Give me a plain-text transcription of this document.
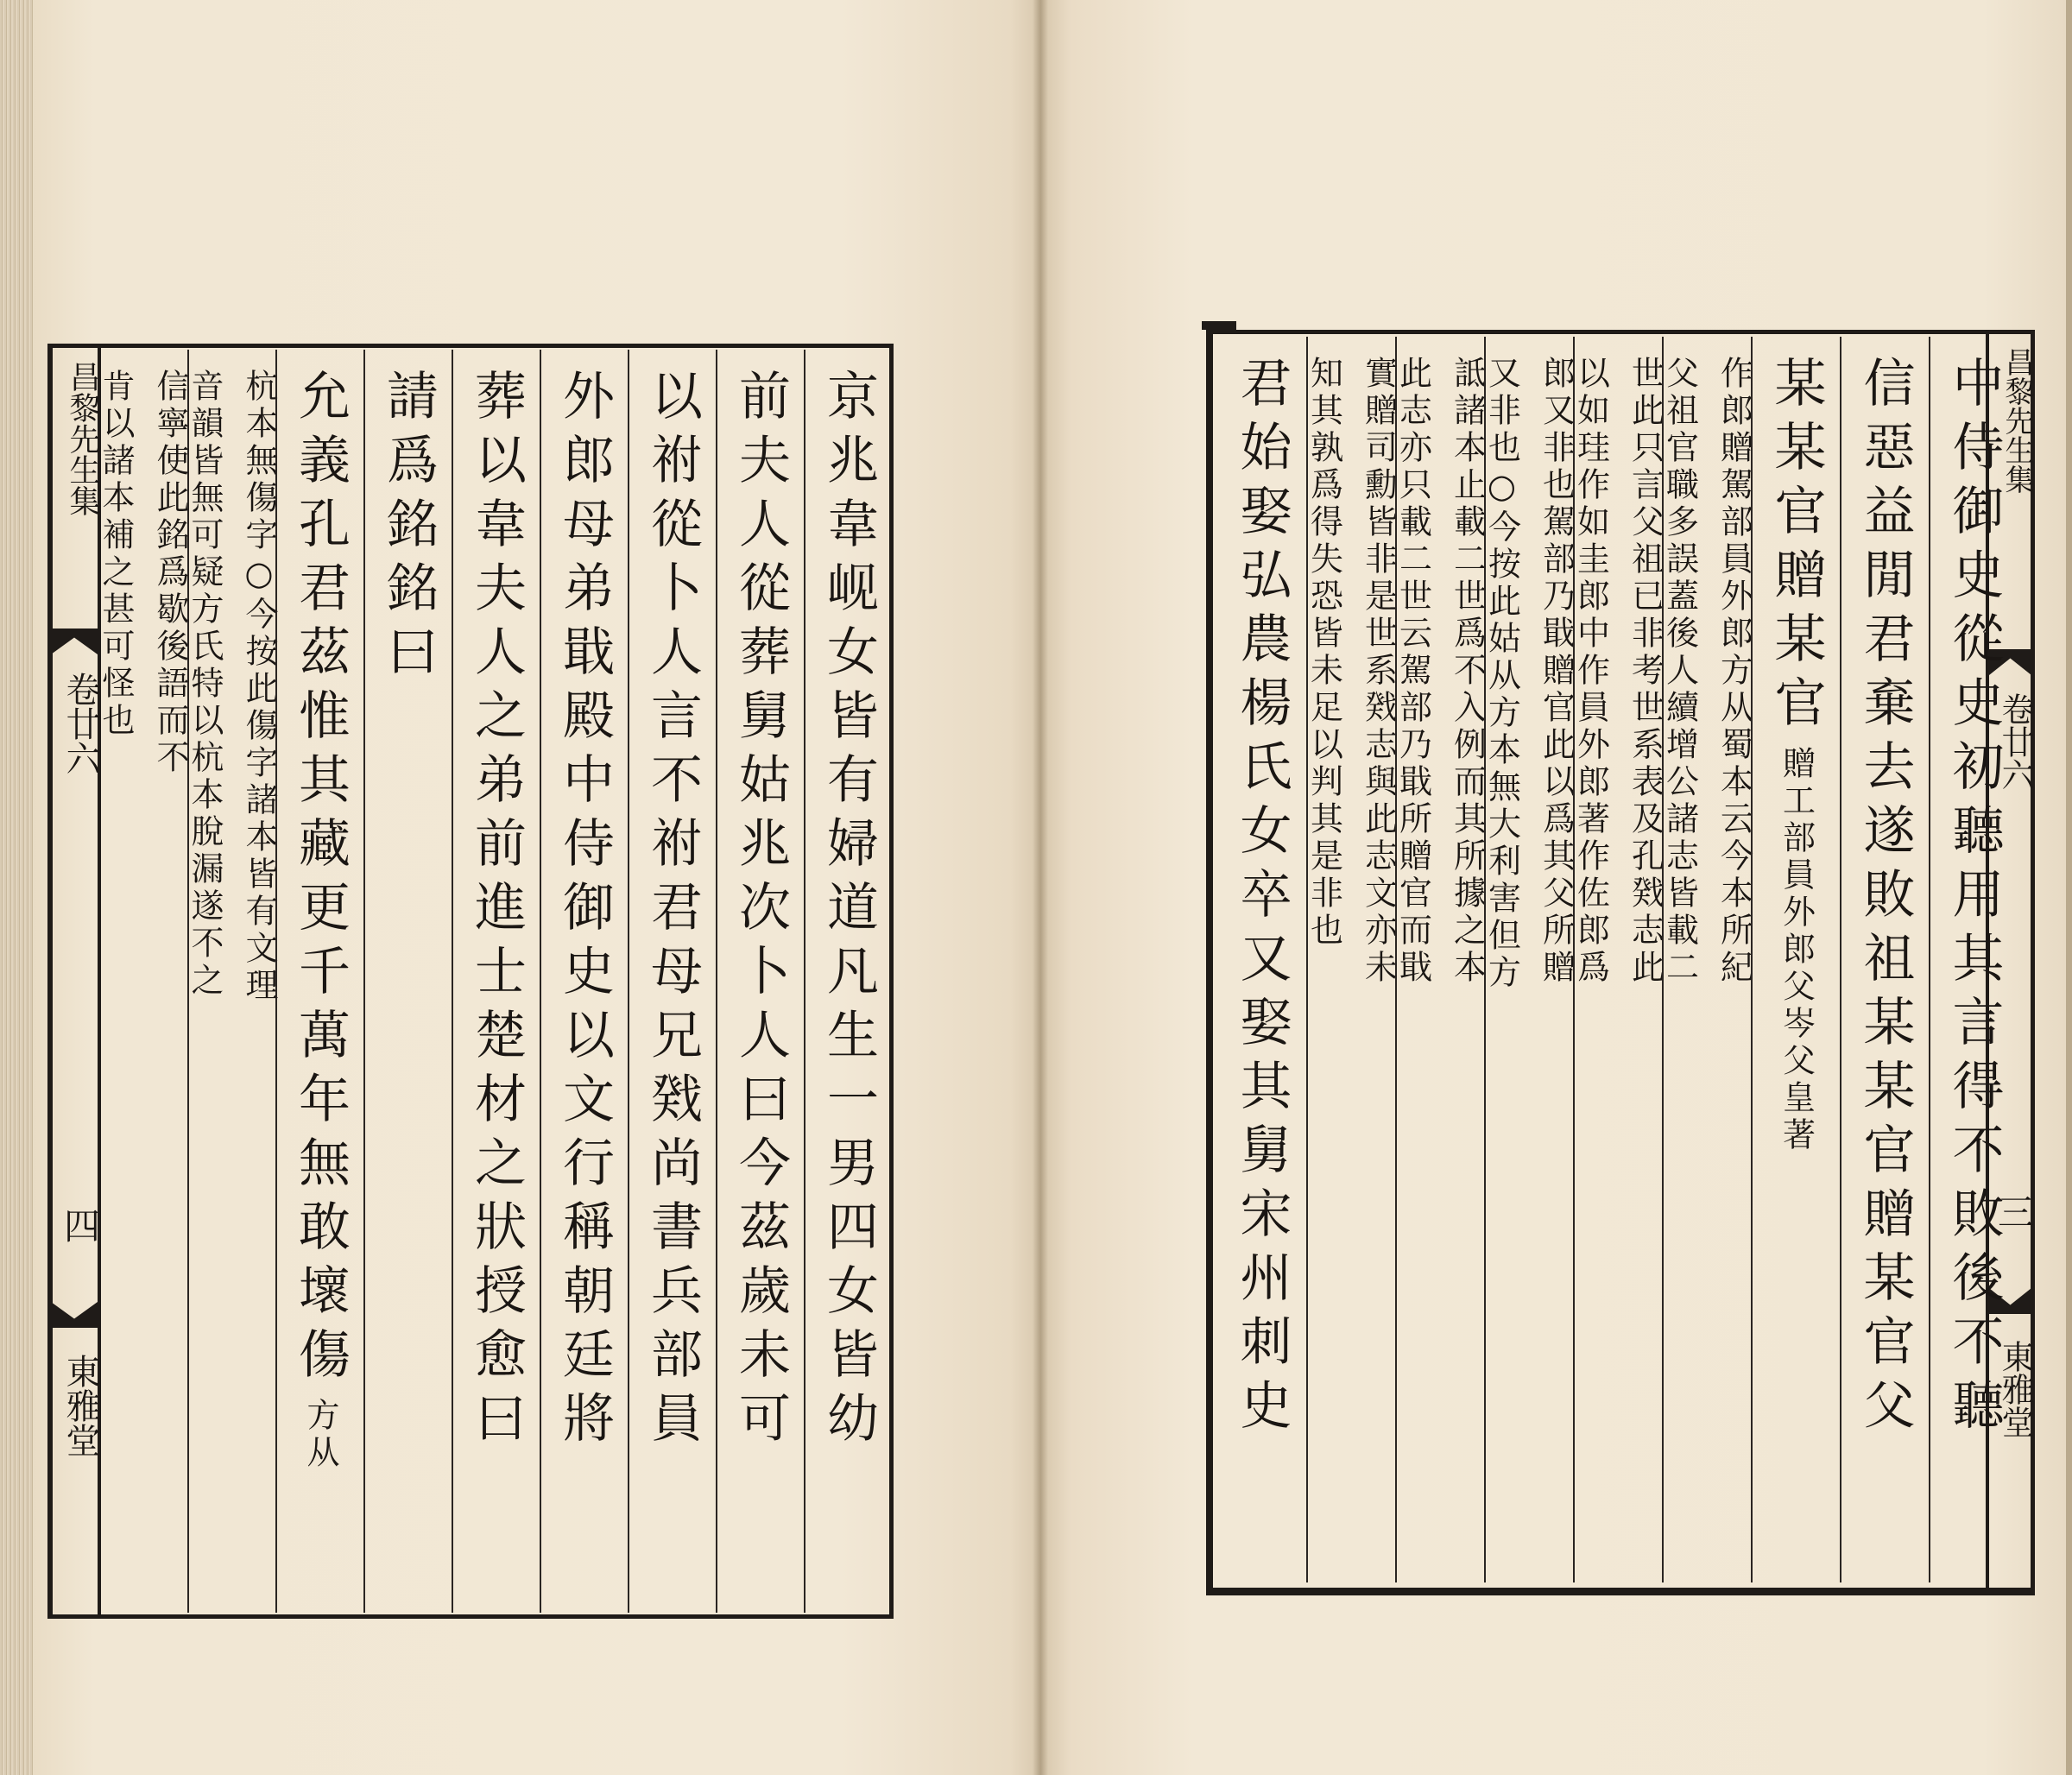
昌黎先生集
卷廿六
四
東雅堂	京兆韋岘女皆有婦道凡生一男四女皆幼
前夫人從葬舅姑兆次卜人曰今茲歲未可
以祔從卜人言不祔君母兄戣尚書兵部員
外郎母弟戢殿中侍御史以文行稱朝廷將
葬以韋夫人之弟前進士楚材之狀授愈曰
請爲銘銘曰
允義孔君茲惟其藏更千萬年無敢壞傷
方从
杭本無傷字○今按此傷字諸本皆有文理
音韻皆無可疑方氏特以杭本脫漏遂不之
信寧使此銘爲歇後語而不
肯以諸本補之甚可怪也	昌黎先生集
卷廿六
三
東雅堂
中侍御史從史初聽用其言得不敗後不聽
信惡益閒君棄去遂敗祖某某官贈某官父
某某官贈某官
贈工部員外郎父岑父皇著
作郎贈駕部員外郎方从蜀本云今本所紀
父祖官職多誤蓋後人續增公諸志皆載二
世此只言父祖已非考世系表及孔戣志此
以如珪作如圭郎中作員外郎著作佐郎爲
郎又非也駕部乃戢贈官此以爲其父所贈
又非也○今按此姑从方本無大利害但方
詆諸本止載二世爲不入例而其所據之本
此志亦只載二世云駕部乃戢所贈官而戢
實贈司勳皆非是世系戣志與此志文亦未
知其孰爲得失恐皆未足以判其是非也
君始娶弘農楊氏女卒又娶其舅宋州刺史
